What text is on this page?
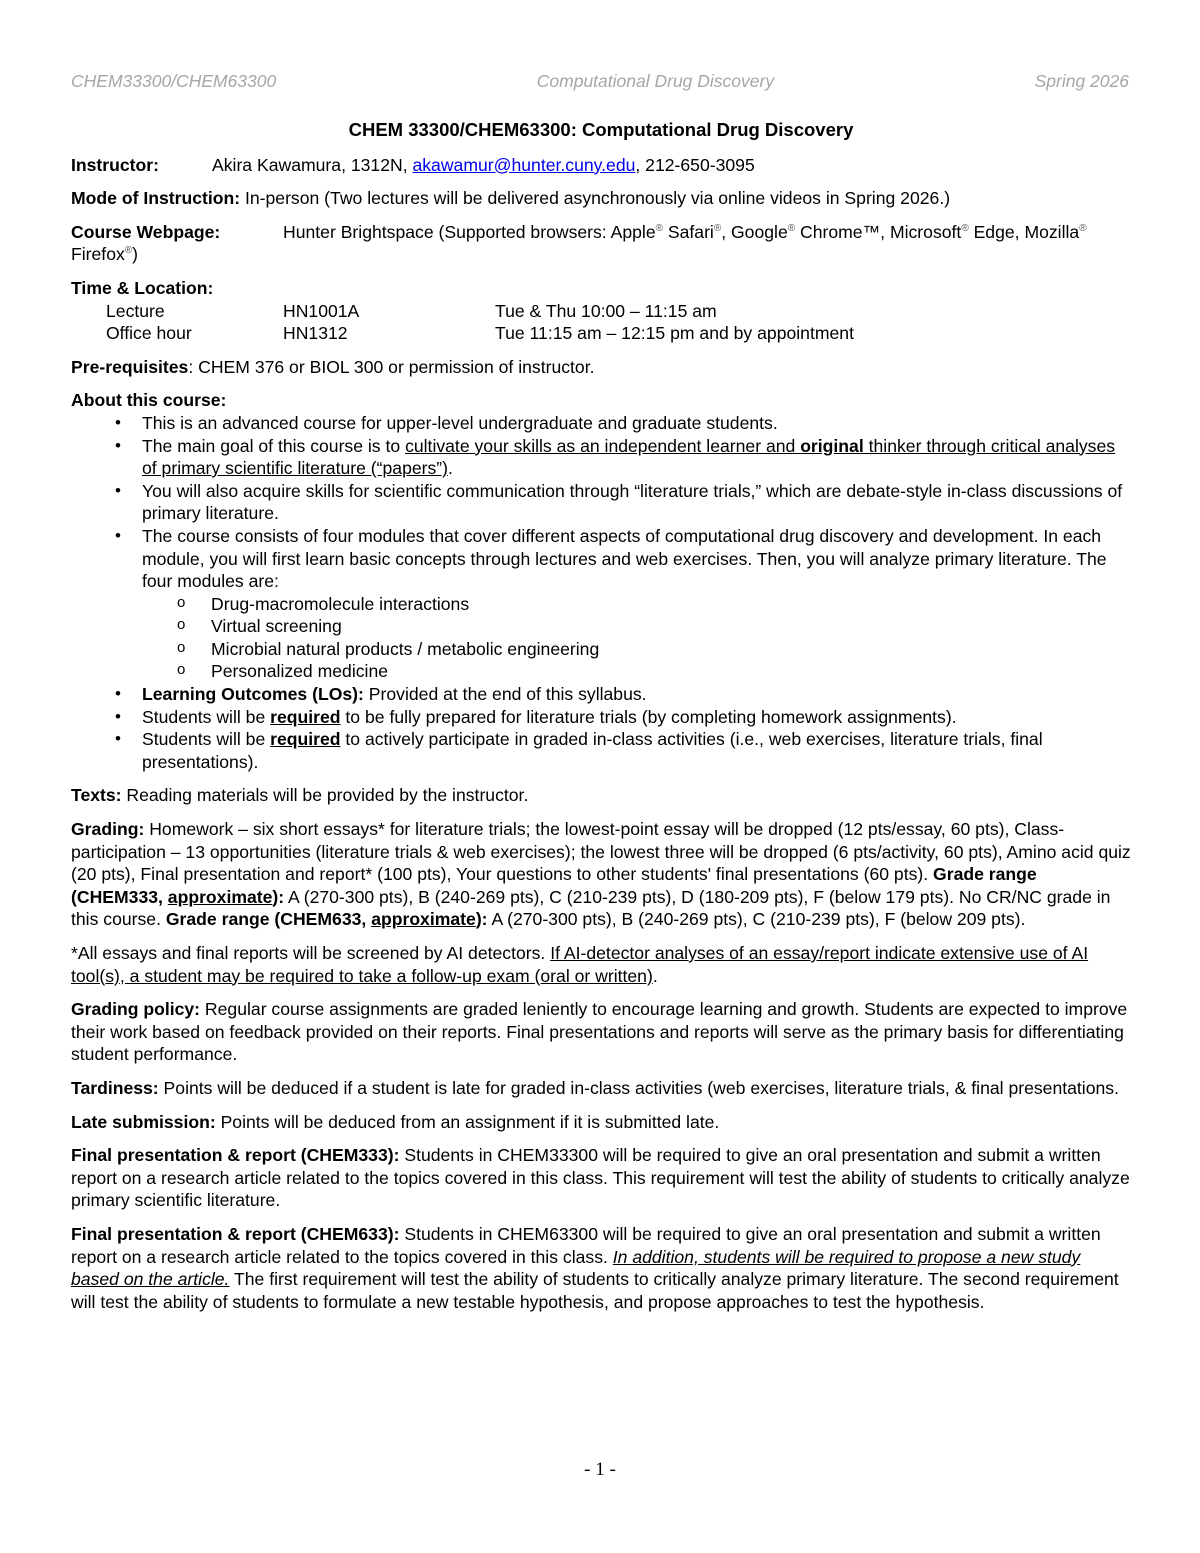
CHEM33300/CHEM63300	Computational Drug Discovery	Spring 2026
CHEM 33300/CHEM63300: Computational Drug Discovery

Instructor:	Akira Kawamura, 1312N, akawamur@hunter.cuny.edu, 212-650-3095

Mode of Instruction: In-person (Two lectures will be delivered asynchronously via online videos in Spring 2026.)

Course Webpage:	Hunter Brightspace (Supported browsers: Apple® Safari®, Google® Chrome™, Microsoft® Edge, Mozilla® Firefox®)

Time & Location:
Lecture	HN1001A	Tue & Thu 10:00 – 11:15 am
Office hour	HN1312	Tue 11:15 am – 12:15 pm and by appointment

Pre-requisites: CHEM 376 or BIOL 300 or permission of instructor.

About this course:
• This is an advanced course for upper-level undergraduate and graduate students.
• The main goal of this course is to cultivate your skills as an independent learner and original thinker through critical analyses of primary scientific literature (“papers”).
• You will also acquire skills for scientific communication through “literature trials,” which are debate-style in-class discussions of primary literature.
• The course consists of four modules that cover different aspects of computational drug discovery and development. In each module, you will first learn basic concepts through lectures and web exercises. Then, you will analyze primary literature. The four modules are:
o Drug-macromolecule interactions
o Virtual screening
o Microbial natural products / metabolic engineering
o Personalized medicine
• Learning Outcomes (LOs): Provided at the end of this syllabus.
• Students will be required to be fully prepared for literature trials (by completing homework assignments).
• Students will be required to actively participate in graded in-class activities (i.e., web exercises, literature trials, final presentations).

Texts: Reading materials will be provided by the instructor.

Grading: Homework – six short essays* for literature trials; the lowest-point essay will be dropped (12 pts/essay, 60 pts), Class-participation – 13 opportunities (literature trials & web exercises); the lowest three will be dropped (6 pts/activity, 60 pts), Amino acid quiz (20 pts), Final presentation and report* (100 pts), Your questions to other students' final presentations (60 pts). Grade range (CHEM333, approximate): A (270-300 pts), B (240-269 pts), C (210-239 pts), D (180-209 pts), F (below 179 pts). No CR/NC grade in this course. Grade range (CHEM633, approximate): A (270-300 pts), B (240-269 pts), C (210-239 pts), F (below 209 pts).

*All essays and final reports will be screened by AI detectors. If AI-detector analyses of an essay/report indicate extensive use of AI tool(s), a student may be required to take a follow-up exam (oral or written).

Grading policy: Regular course assignments are graded leniently to encourage learning and growth. Students are expected to improve their work based on feedback provided on their reports. Final presentations and reports will serve as the primary basis for differentiating student performance.

Tardiness: Points will be deduced if a student is late for graded in-class activities (web exercises, literature trials, & final presentations.

Late submission: Points will be deduced from an assignment if it is submitted late.

Final presentation & report (CHEM333): Students in CHEM33300 will be required to give an oral presentation and submit a written report on a research article related to the topics covered in this class. This requirement will test the ability of students to critically analyze primary scientific literature.

Final presentation & report (CHEM633): Students in CHEM63300 will be required to give an oral presentation and submit a written report on a research article related to the topics covered in this class. In addition, students will be required to propose a new study based on the article. The first requirement will test the ability of students to critically analyze primary literature. The second requirement will test the ability of students to formulate a new testable hypothesis, and propose approaches to test the hypothesis.

- 1 -
